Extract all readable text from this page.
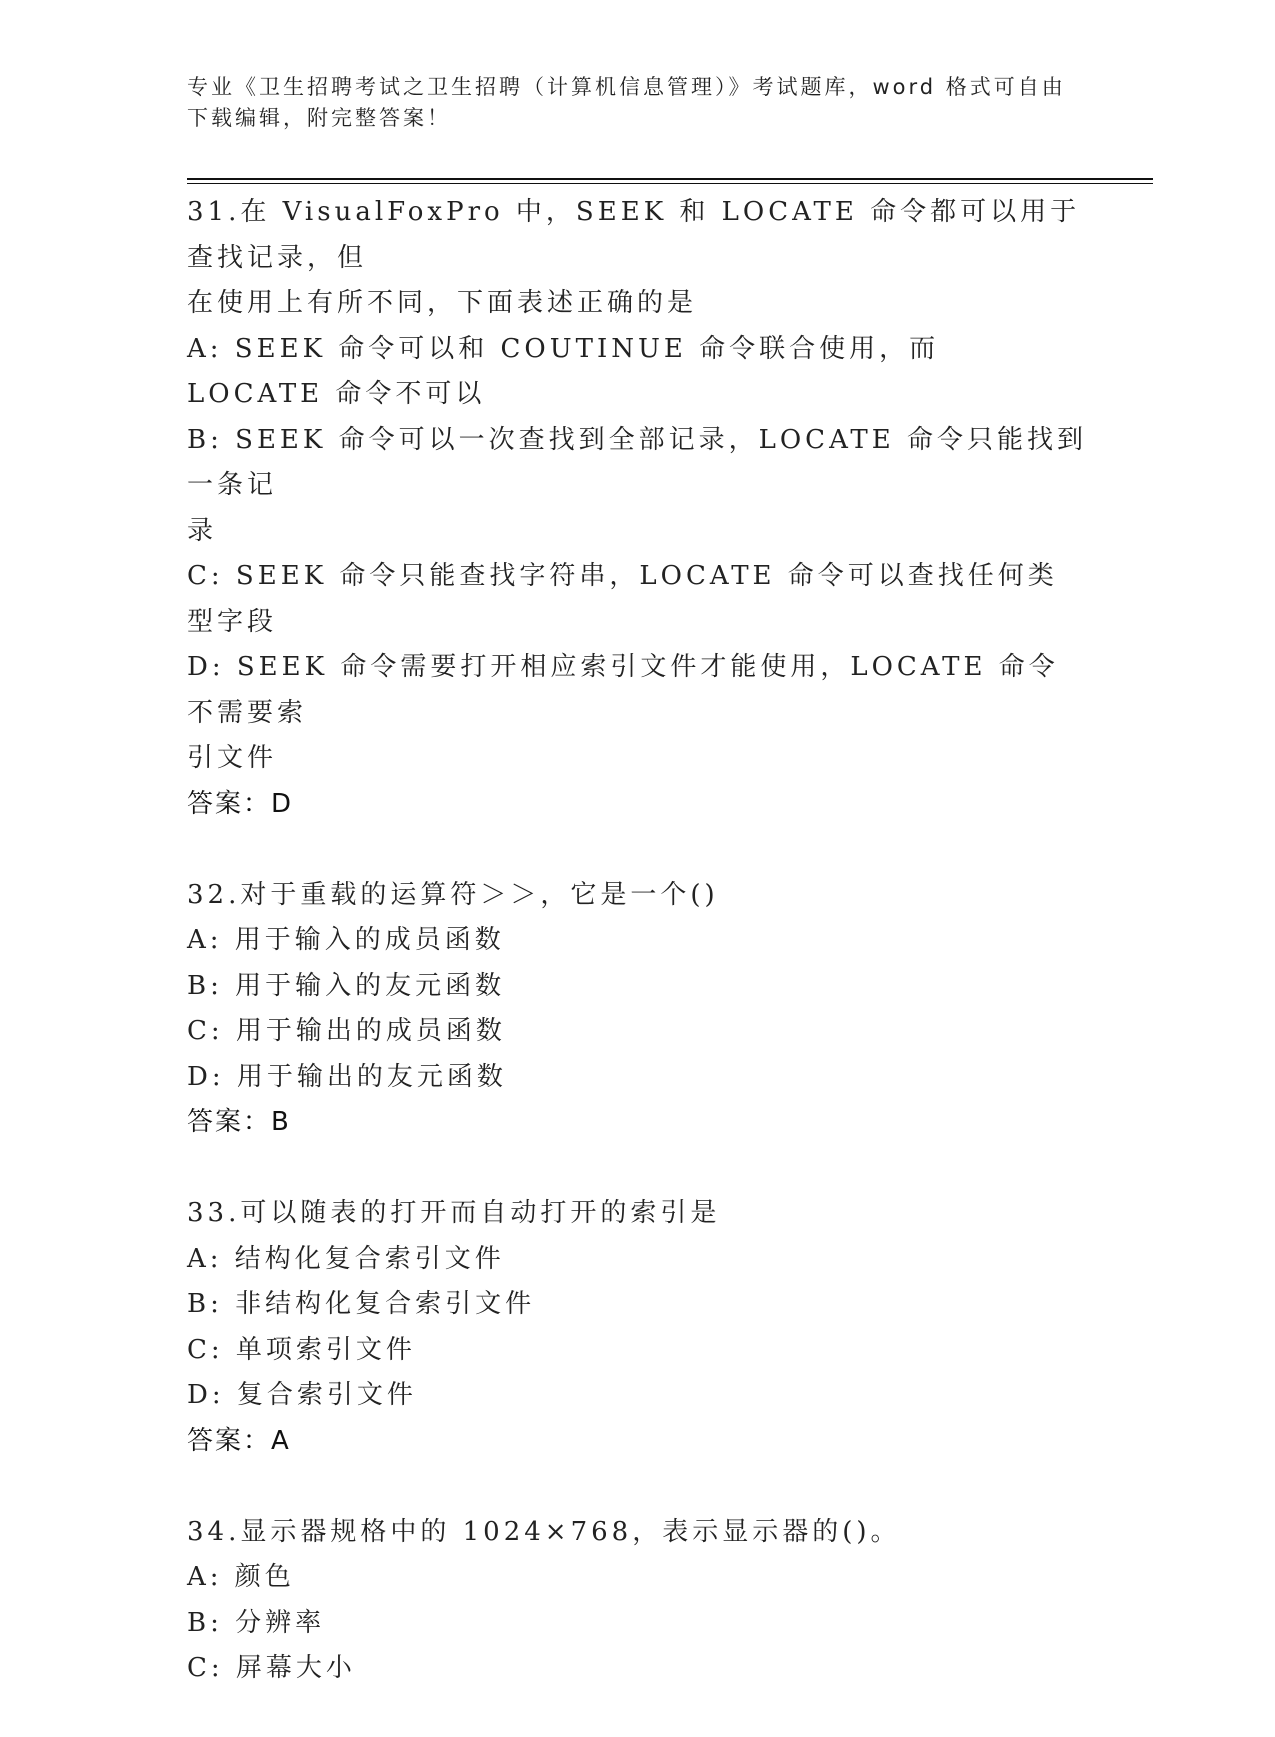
专业《卫生招聘考试之卫生招聘（计算机信息管理）》考试题库，word 格式可自由下载编辑，附完整答案！

31.在 VisualFoxPro 中，SEEK 和 LOCATE 命令都可以用于查找记录，但

在使用上有所不同，下面表述正确的是

A: SEEK 命令可以和 COUTINUE 命令联合使用，而 LOCATE 命令不可以

B: SEEK 命令可以一次查找到全部记录，LOCATE 命令只能找到一条记

录

C: SEEK 命令只能查找字符串，LOCATE 命令可以查找任何类型字段

D: SEEK 命令需要打开相应索引文件才能使用，LOCATE 命令不需要索

引文件

答案：D

32.对于重载的运算符＞＞，它是一个()

A: 用于输入的成员函数

B: 用于输入的友元函数

C: 用于输出的成员函数

D: 用于输出的友元函数

答案：B

33.可以随表的打开而自动打开的索引是

A: 结构化复合索引文件

B: 非结构化复合索引文件

C: 单项索引文件

D: 复合索引文件

答案：A

34.显示器规格中的 1024×768，表示显示器的()。

A: 颜色

B: 分辨率

C: 屏幕大小
